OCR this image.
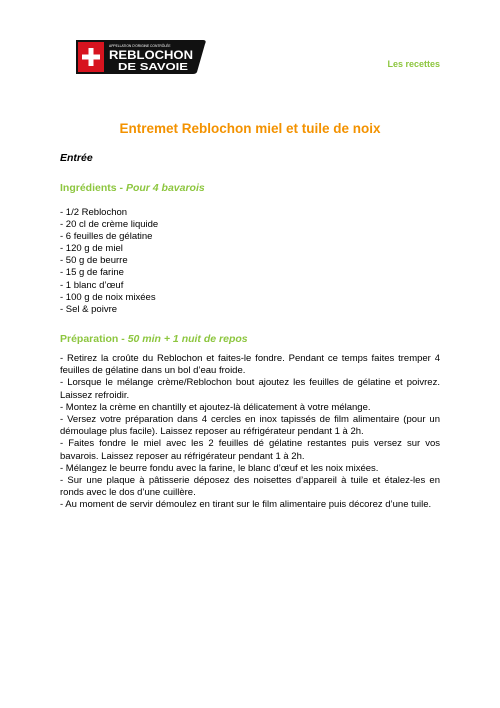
APPELLATION D'ORIGINE CONTRÔLÉE
REBLOCHON
DE SAVOIE	Les recettes
Entremet Reblochon miel et tuile de noix
Entrée
Ingrédients - Pour 4 bavarois
- 1/2 Reblochon
- 20 cl de crème liquide
- 6 feuilles de gélatine
- 120 g de miel
- 50 g de beurre
- 15 g de farine
- 1 blanc d’œuf
- 100 g de noix mixées
- Sel & poivre
Préparation - 50 min + 1 nuit de repos

- Retirez la croûte du Reblochon et faites-le fondre. Pendant ce temps faites tremper 4 feuilles de gélatine dans un bol d’eau froide.

- Lorsque le mélange crème/Reblochon bout ajoutez les feuilles de gélatine et poivrez. Laissez refroidir.

- Montez la crème en chantilly et ajoutez-là délicatement à votre mélange.

- Versez votre préparation dans 4 cercles en inox tapissés de film alimentaire (pour un démoulage plus facile). Laissez reposer au réfrigérateur pendant 1 à 2h.

- Faites fondre le miel avec les 2 feuilles dé gélatine restantes puis versez sur vos bavarois. Laissez reposer au réfrigérateur pendant 1 à 2h.

- Mélangez le beurre fondu avec la farine, le blanc d’œuf et les noix mixées.

- Sur une plaque à pâtisserie déposez des noisettes d’appareil à tuile et étalez-les en ronds avec le dos d’une cuillère.

- Au moment de servir démoulez en tirant sur le film alimentaire puis décorez d’une tuile.
